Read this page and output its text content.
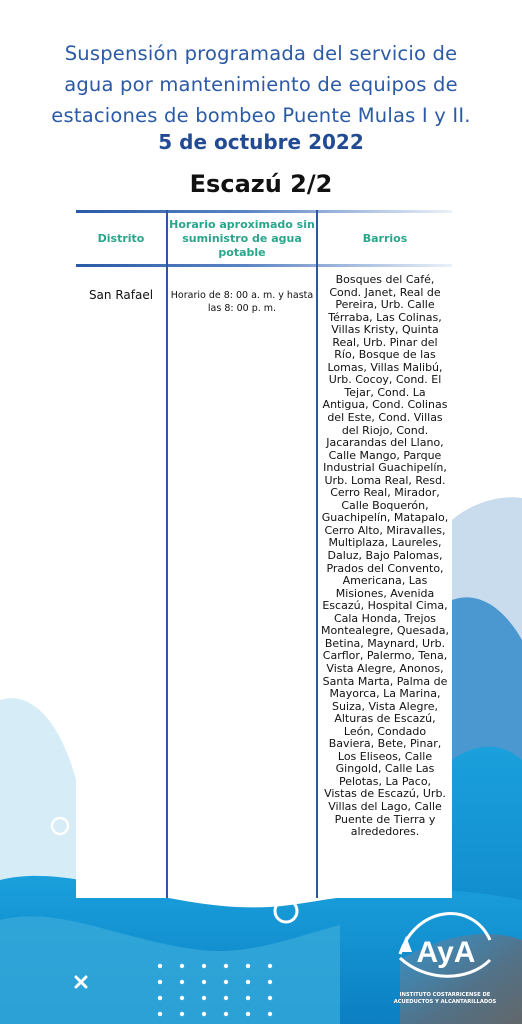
Suspensión programada del servicio de
agua por mantenimiento de equipos de
estaciones de bombeo Puente Mulas I y II.
5 de octubre 2022
Escazú 2/2
Distrito
Horario aproximado sin suministro de agua potable
Barrios
San Rafael	Horario de 8: 00 a. m. y hasta las 8: 00 p. m.
Bosques del Café, Cond. Janet, Real de Pereira, Urb. Calle Térraba, Las Colinas, Villas Kristy, Quinta Real, Urb. Pinar del Río, Bosque de las Lomas, Villas Malibú, Urb. Cocoy, Cond. El Tejar, Cond. La Antigua, Cond. Colinas del Este, Cond. Villas del Riojo, Cond. Jacarandas del Llano, Calle Mango, Parque Industrial Guachipelín, Urb. Loma Real, Resd. Cerro Real, Mirador, Calle Boquerón, Guachipelín, Matapalo, Cerro Alto, Miravalles, Multiplaza, Laureles, Daluz, Bajo Palomas, Prados del Convento, Americana, Las Misiones, Avenida Escazú, Hospital Cima, Cala Honda, Trejos Montealegre, Quesada, Betina, Maynard, Urb. Carflor, Palermo, Tena, Vista Alegre, Anonos, Santa Marta, Palma de Mayorca, La Marina, Suiza, Vista Alegre, Alturas de Escazú, León, Condado Baviera, Bete, Pinar, Los Eliseos, Calle Gingold, Calle Las Pelotas, La Paco, Vistas de Escazú, Urb. Villas del Lago, Calle Puente de Tierra y alrededores.
AyA
INSTITUTO COSTARRICENSE DE
ACUEDUCTOS Y ALCANTARILLADOS
